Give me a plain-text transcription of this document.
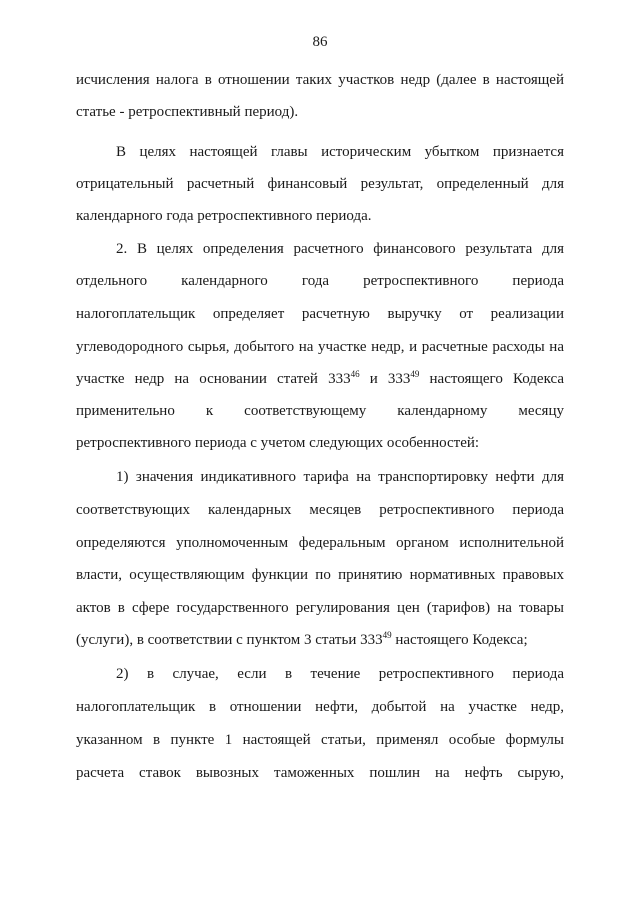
86
исчисления налога в отношении таких участков недр (далее в настоящей
статье - ретроспективный период).
В целях настоящей главы историческим убытком признается
отрицательный расчетный финансовый результат, определенный для
календарного года ретроспективного периода.
2. В целях определения расчетного финансового результата для
отдельного календарного года ретроспективного периода
налогоплательщик определяет расчетную выручку от реализации
углеводородного сырья, добытого на участке недр, и расчетные расходы на
участке недр на основании статей $333^{46}$ и $333^{49}$ настоящего Кодекса
применительно к соответствующему календарному месяцу
ретроспективного периода с учетом следующих особенностей:
1) значения индикативного тарифа на транспортировку нефти для
соответствующих календарных месяцев ретроспективного периода
определяются уполномоченным федеральным органом исполнительной
власти, осуществляющим функции по принятию нормативных правовых
актов в сфере государственного регулирования цен (тарифов) на товары
(услуги), в соответствии с пунктом 3 статьи $333^{49}$ настоящего Кодекса;
2) в случае, если в течение ретроспективного периода
налогоплательщик в отношении нефти, добытой на участке недр,
указанном в пункте 1 настоящей статьи, применял особые формулы
расчета ставок вывозных таможенных пошлин на нефть сырую,
